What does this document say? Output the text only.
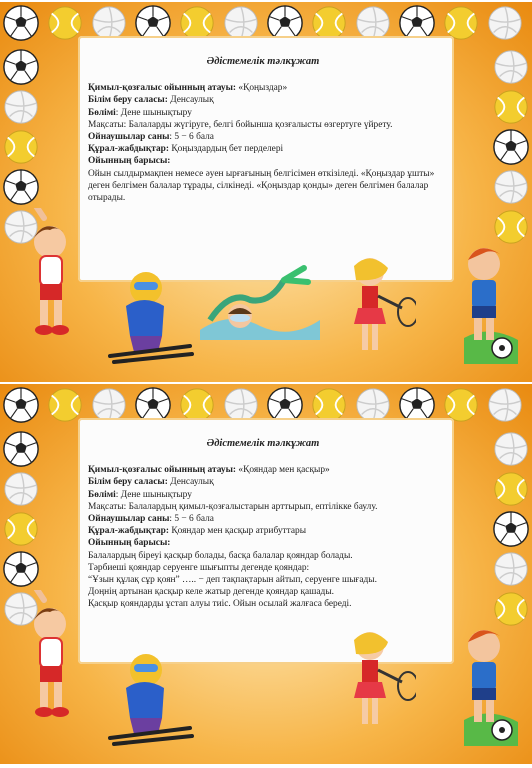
Әдістемелік тәлкұжат

Қимыл-қозғалыс ойынның атауы: «Қоңыздар»

Білім беру саласы: Денсаулық

Бөлімі: Дене шынықтыру

Мақсаты: Балаларды жүгіруге, белгі бойынша қозғалысты өзгертуге үйрету.

Ойнаушылар саны: 5 − 6 бала

Құрал-жабдықтар: Қоңыздардың бет перделері

Ойынның барысы:

Ойын сылдырмақпен немесе әуен ырғағының белгісімен өткізіледі. «Қоңыздар ұшты» деген белгімен балалар тұрады, сілкінеді. «Қоңыздар қонды» деген белгімен балалар отырады.

Әдістемелік тәлкұжат

Қимыл-қозғалыс ойынның атауы: «Қояндар мен қасқыр»

Білім беру саласы: Денсаулық

Бөлімі: Дене шынықтыру

Мақсаты: Балалардың қимыл-қозғалыстарын арттырып, ептілікке баулу.

Ойнаушылар саны: 5 − 6 бала

Құрал-жабдықтар: Қояндар мен қасқыр атрибуттары

Ойынның барысы:

Балалардың біреуі қасқыр болады, басқа балалар қояндар болады.

Тәрбиеші қояндар серуенге шығыпты дегенде қояндар:

“Ұзын құлақ сұр қоян” ….. − деп тақпақтарын айтып, серуенге шығады.

Доңнің артынан қасқыр келе жатыр дегенде қояндар қашады.

Қасқыр қояндарды ұстап алуы тиіс. Ойын осылай жалғаса береді.
